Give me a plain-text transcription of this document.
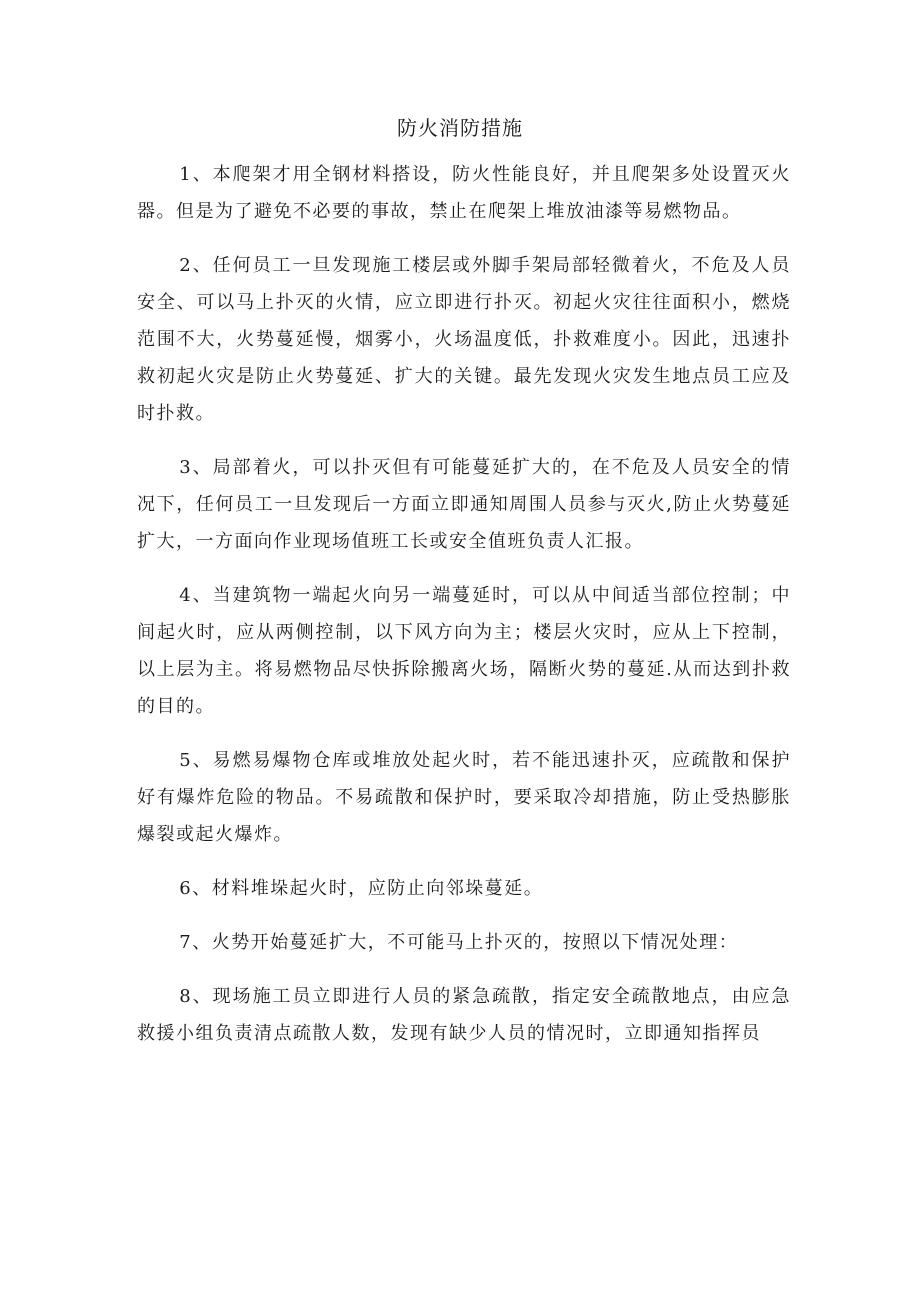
防火消防措施

1、本爬架才用全钢材料搭设，防火性能良好，并且爬架多处设置灭火器。但是为了避免不必要的事故，禁止在爬架上堆放油漆等易燃物品。

2、任何员工一旦发现施工楼层或外脚手架局部轻微着火，不危及人员安全、可以马上扑灭的火情，应立即进行扑灭。初起火灾往往面积小，燃烧范围不大，火势蔓延慢，烟雾小，火场温度低，扑救难度小。因此，迅速扑救初起火灾是防止火势蔓延、扩大的关键。最先发现火灾发生地点员工应及时扑救。

3、局部着火，可以扑灭但有可能蔓延扩大的，在不危及人员安全的情况下，任何员工一旦发现后一方面立即通知周围人员参与灭火,防止火势蔓延扩大，一方面向作业现场值班工长或安全值班负责人汇报。

4、当建筑物一端起火向另一端蔓延时，可以从中间适当部位控制；中间起火时，应从两侧控制，以下风方向为主；楼层火灾时，应从上下控制，以上层为主。将易燃物品尽快拆除搬离火场，隔断火势的蔓延.从而达到扑救的目的。

5、易燃易爆物仓库或堆放处起火时，若不能迅速扑灭，应疏散和保护好有爆炸危险的物品。不易疏散和保护时，要采取冷却措施，防止受热膨胀爆裂或起火爆炸。

6、材料堆垛起火时，应防止向邻垛蔓延。

7、火势开始蔓延扩大，不可能马上扑灭的，按照以下情况处理：

8、现场施工员立即进行人员的紧急疏散，指定安全疏散地点，由应急救援小组负责清点疏散人数，发现有缺少人员的情况时，立即通知指挥员
